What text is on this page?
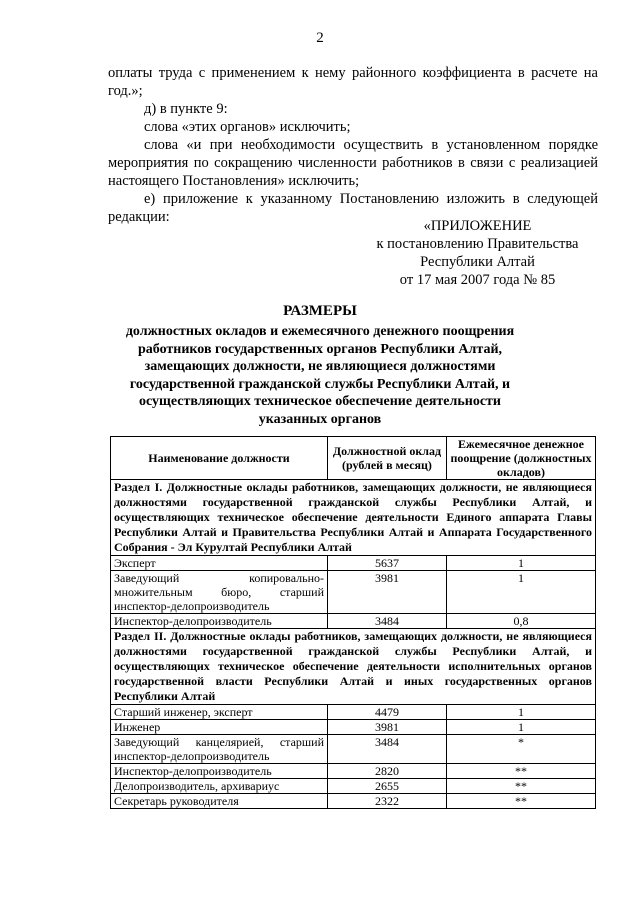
2

оплаты труда с применением к нему районного коэффициента в расчете на год.»;

д) в пункте 9:

слова «этих органов» исключить;

слова «и при необходимости осуществить в установленном порядке мероприятия по сокращению численности работников в связи с реализацией настоящего Постановления» исключить;

е) приложение к указанному Постановлению изложить в следующей редакции:

«ПРИЛОЖЕНИЕ
к постановлению Правительства
Республики Алтай
от 17 мая 2007 года № 85
РАЗМЕРЫ
должностных окладов и ежемесячного денежного поощрения работников государственных органов Республики Алтай, замещающих должности, не являющиеся должностями государственной гражданской службы Республики Алтай, и осуществляющих техническое обеспечение деятельности указанных органов
Наименование должности	Должностной оклад (рублей в месяц)	Ежемесячное денежное поощрение (должностных окладов)
Раздел I. Должностные оклады работников, замещающих должности, не являющиеся должностями государственной гражданской службы Республики Алтай, и осуществляющих техническое обеспечение деятельности Единого аппарата Главы Республики Алтай и Правительства Республики Алтай и Аппарата Государственного Собрания - Эл Курултай Республики Алтай		
Эксперт	5637	1
Заведующий копировально-множительным бюро, старший инспектор-делопроизводитель	3981	1
Инспектор-делопроизводитель	3484	0,8
Раздел II. Должностные оклады работников, замещающих должности, не являющиеся должностями государственной гражданской службы Республики Алтай, и осуществляющих техническое обеспечение деятельности исполнительных органов государственной власти Республики Алтай и иных государственных органов Республики Алтай		
Старший инженер, эксперт	4479	1
Инженер	3981	1
Заведующий канцелярией, старший инспектор-делопроизводитель	3484	*
Инспектор-делопроизводитель	2820	**
Делопроизводитель, архивариус	2655	**
Секретарь руководителя	2322	**
